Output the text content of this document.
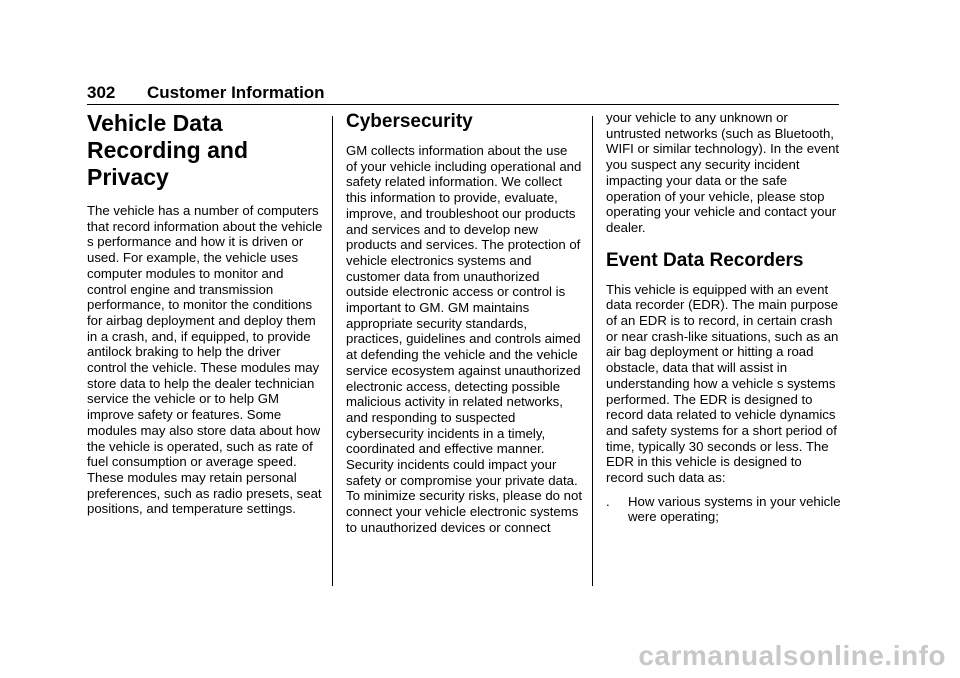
302 Customer Information
Vehicle Data Recording and Privacy

The vehicle has a number of computers that record information about the vehicle s performance and how it is driven or used. For example, the vehicle uses computer modules to monitor and control engine and transmission performance, to monitor the conditions for airbag deployment and deploy them in a crash, and, if equipped, to provide antilock braking to help the driver control the vehicle. These modules may store data to help the dealer technician service the vehicle or to help GM improve safety or features. Some modules may also store data about how the vehicle is operated, such as rate of fuel consumption or average speed. These modules may retain personal preferences, such as radio presets, seat positions, and temperature settings.

Cybersecurity

GM collects information about the use of your vehicle including operational and safety related information. We collect this information to provide, evaluate, improve, and troubleshoot our products and services and to develop new products and services. The protection of vehicle electronics systems and customer data from unauthorized outside electronic access or control is important to GM. GM maintains appropriate security standards, practices, guidelines and controls aimed at defending the vehicle and the vehicle service ecosystem against unauthorized electronic access, detecting possible malicious activity in related networks, and responding to suspected cybersecurity incidents in a timely, coordinated and effective manner. Security incidents could impact your safety or compromise your private data. To minimize security risks, please do not connect your vehicle electronic systems to unauthorized devices or connect

your vehicle to any unknown or untrusted networks (such as Bluetooth, WIFI or similar technology). In the event you suspect any security incident impacting your data or the safe operation of your vehicle, please stop operating your vehicle and contact your dealer.

Event Data Recorders

This vehicle is equipped with an event data recorder (EDR). The main purpose of an EDR is to record, in certain crash or near crash-like situations, such as an air bag deployment or hitting a road obstacle, data that will assist in understanding how a vehicle s systems performed. The EDR is designed to record data related to vehicle dynamics and safety systems for a short period of time, typically 30 seconds or less. The EDR in this vehicle is designed to record such data as:

.	How various systems in your vehicle were operating;
carmanualsonline.info
